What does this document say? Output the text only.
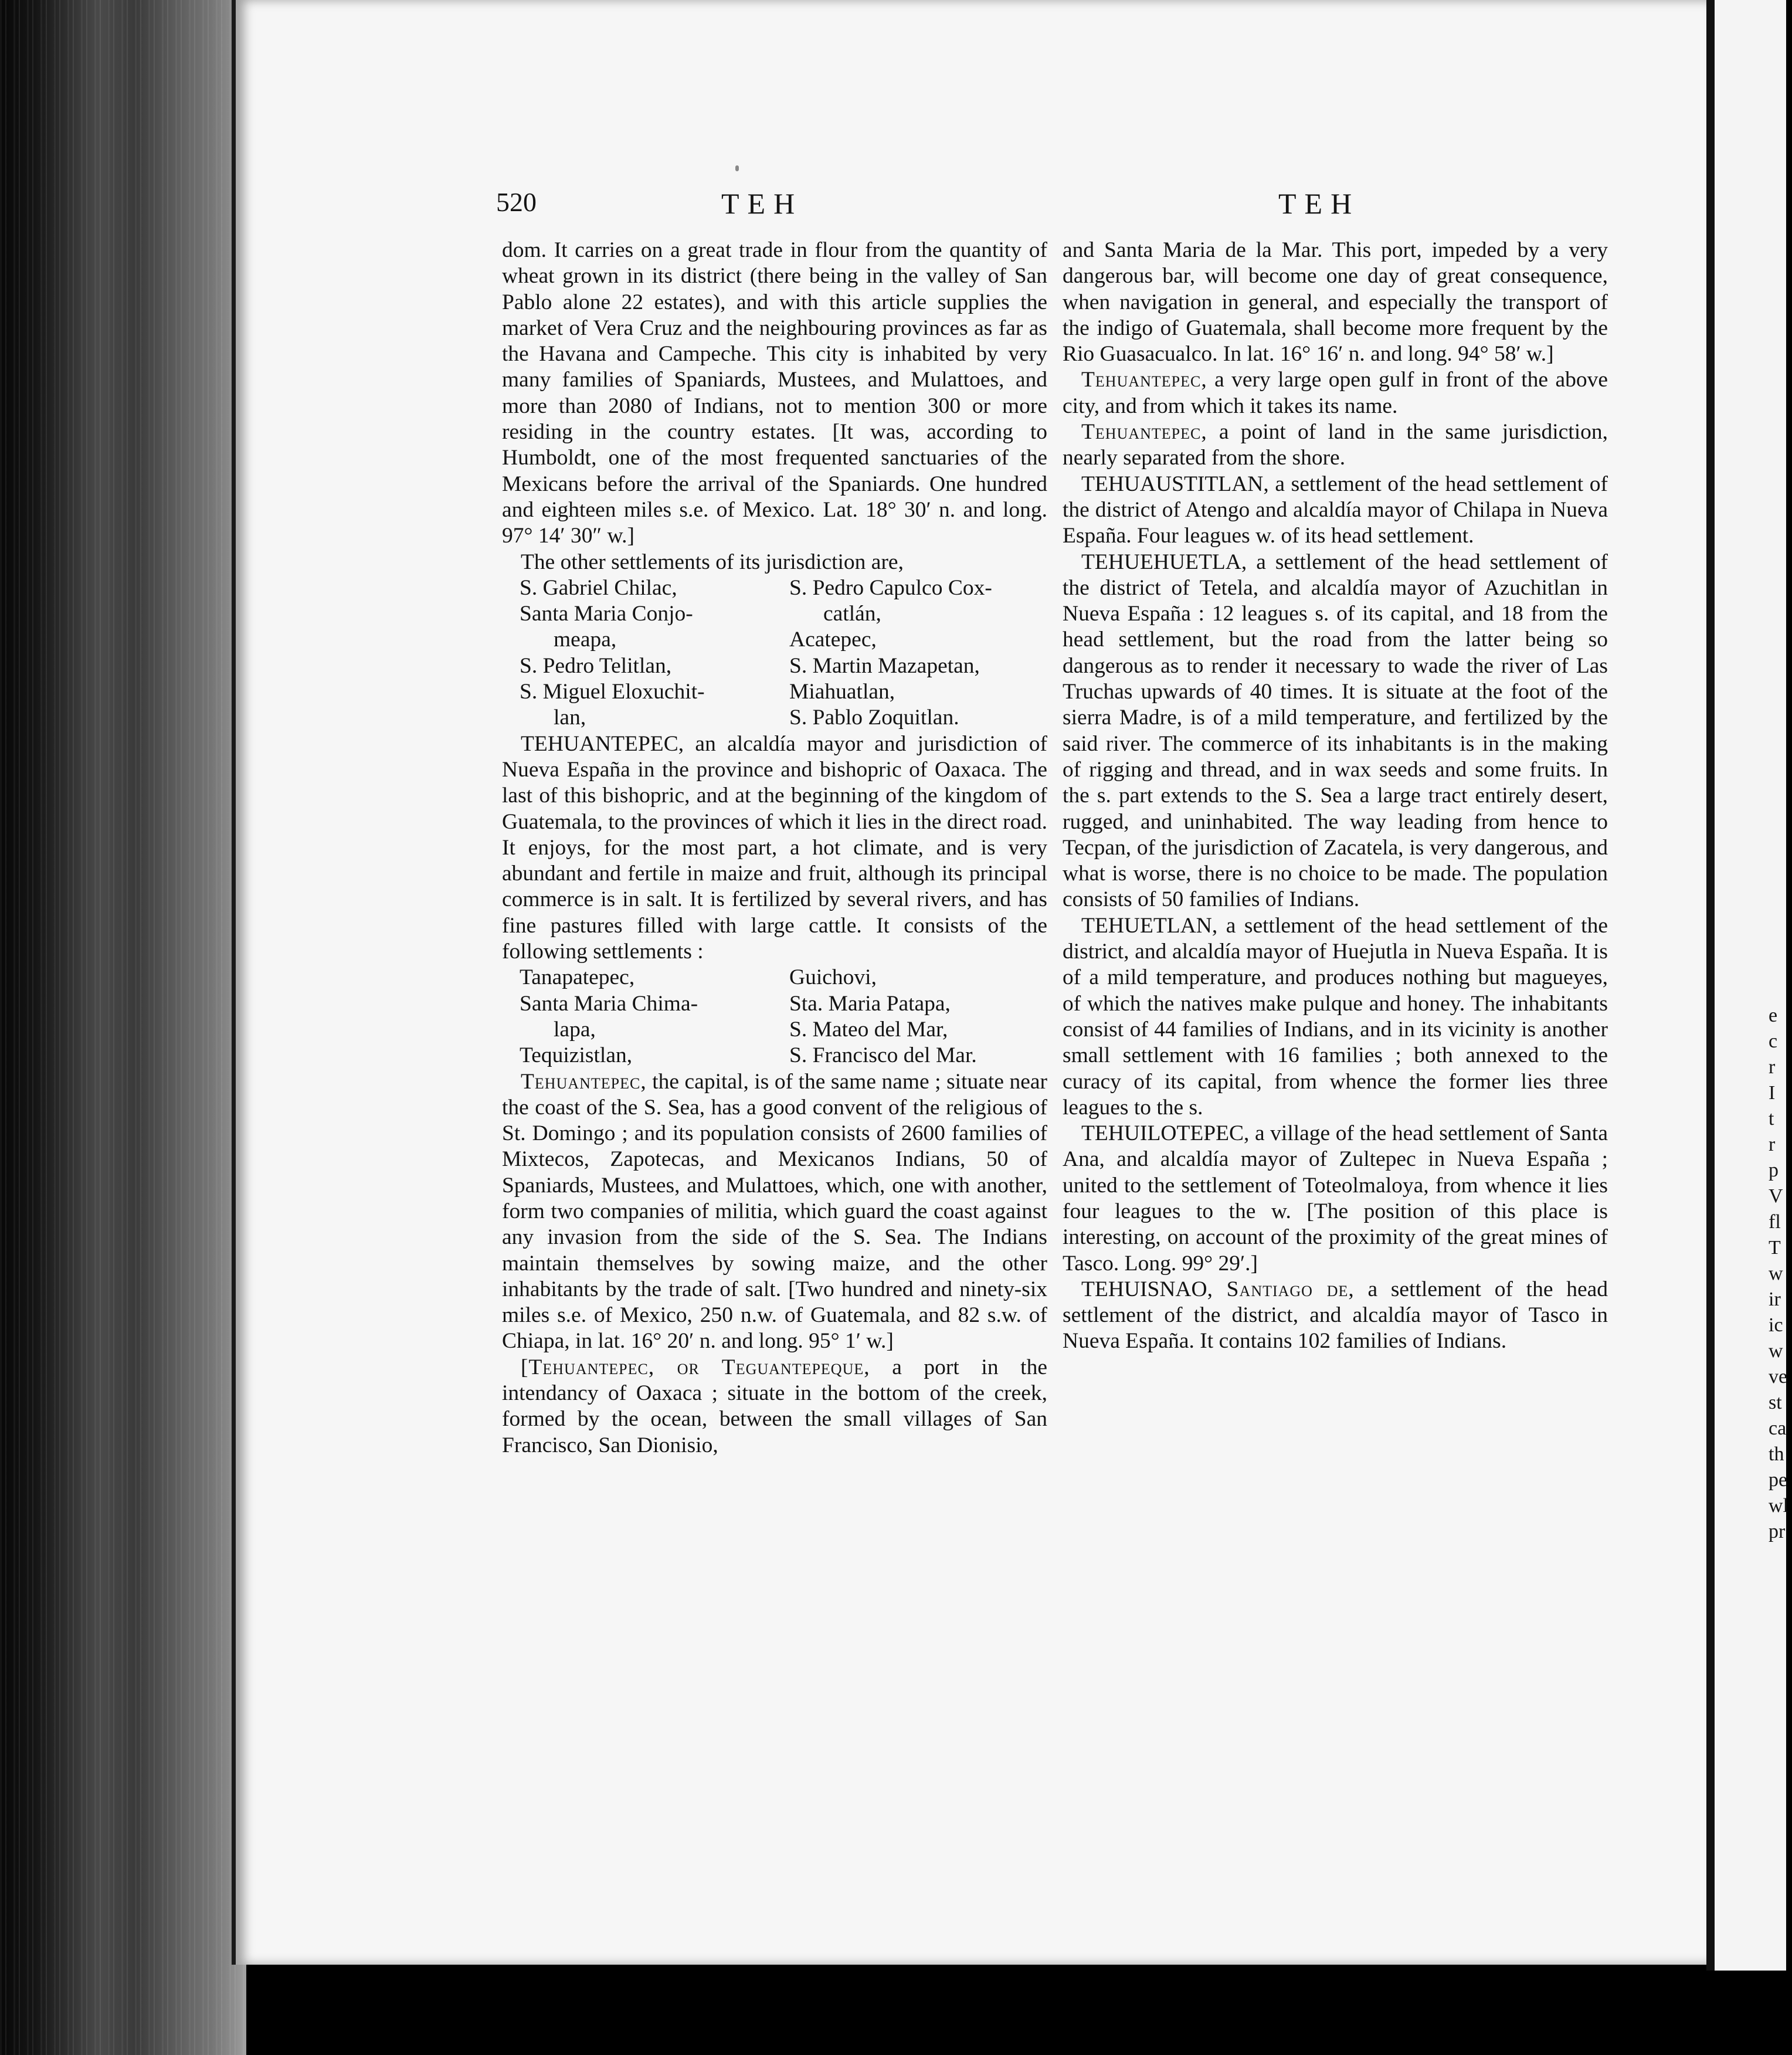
520	TEH	TEH

dom. It carries on a great trade in flour from the quantity of wheat grown in its district (there being in the valley of San Pablo alone 22 estates), and with this article supplies the market of Vera Cruz and the neighbouring provinces as far as the Havana and Campeche. This city is inhabited by very many families of Spaniards, Mustees, and Mulattoes, and more than 2080 of Indians, not to mention 300 or more residing in the country estates. [It was, according to Humboldt, one of the most frequented sanctuaries of the Mexicans before the arrival of the Spaniards. One hundred and eighteen miles s.e. of Mexico. Lat. 18° 30′ n. and long. 97° 14′ 30″ w.]

The other settlements of its jurisdiction are,

S. Gabriel Chilac,	S. Pedro Capulco Cox-
Santa Maria Conjo-	catlán,
meapa,	Acatepec,
S. Pedro Telitlan,	S. Martin Mazapetan,
S. Miguel Eloxuchit-	Miahuatlan,
lan,	S. Pablo Zoquitlan.

TEHUANTEPEC, an alcaldía mayor and jurisdiction of Nueva España in the province and bishopric of Oaxaca. The last of this bishopric, and at the beginning of the kingdom of Guatemala, to the provinces of which it lies in the direct road. It enjoys, for the most part, a hot climate, and is very abundant and fertile in maize and fruit, although its principal commerce is in salt. It is fertilized by several rivers, and has fine pastures filled with large cattle. It consists of the following settlements :

Tanapatepec,	Guichovi,
Santa Maria Chima-	Sta. Maria Patapa,
lapa,	S. Mateo del Mar,
Tequizistlan,	S. Francisco del Mar.

Tehuantepec, the capital, is of the same name ; situate near the coast of the S. Sea, has a good convent of the religious of St. Domingo ; and its population consists of 2600 families of Mixtecos, Zapotecas, and Mexicanos Indians, 50 of Spaniards, Mustees, and Mulattoes, which, one with another, form two companies of militia, which guard the coast against any invasion from the side of the S. Sea. The Indians maintain themselves by sowing maize, and the other inhabitants by the trade of salt. [Two hundred and ninety-six miles s.e. of Mexico, 250 n.w. of Guatemala, and 82 s.w. of Chiapa, in lat. 16° 20′ n. and long. 95° 1′ w.]

[Tehuantepec, or Teguantepeque, a port in the intendancy of Oaxaca ; situate in the bottom of the creek, formed by the ocean, between the small villages of San Francisco, San Dionisio,

and Santa Maria de la Mar. This port, impeded by a very dangerous bar, will become one day of great consequence, when navigation in general, and especially the transport of the indigo of Guatemala, shall become more frequent by the Rio Guasacualco. In lat. 16° 16′ n. and long. 94° 58′ w.]

Tehuantepec, a very large open gulf in front of the above city, and from which it takes its name.

Tehuantepec, a point of land in the same jurisdiction, nearly separated from the shore.

TEHUAUSTITLAN, a settlement of the head settlement of the district of Atengo and alcaldía mayor of Chilapa in Nueva España. Four leagues w. of its head settlement.

TEHUEHUETLA, a settlement of the head settlement of the district of Tetela, and alcaldía mayor of Azuchitlan in Nueva España : 12 leagues s. of its capital, and 18 from the head settlement, but the road from the latter being so dangerous as to render it necessary to wade the river of Las Truchas upwards of 40 times. It is situate at the foot of the sierra Madre, is of a mild temperature, and fertilized by the said river. The commerce of its inhabitants is in the making of rigging and thread, and in wax seeds and some fruits. In the s. part extends to the S. Sea a large tract entirely desert, rugged, and uninhabited. The way leading from hence to Tecpan, of the jurisdiction of Zacatela, is very dangerous, and what is worse, there is no choice to be made. The population consists of 50 families of Indians.

TEHUETLAN, a settlement of the head settlement of the district, and alcaldía mayor of Huejutla in Nueva España. It is of a mild temperature, and produces nothing but magueyes, of which the natives make pulque and honey. The inhabitants consist of 44 families of Indians, and in its vicinity is another small settlement with 16 families ; both annexed to the curacy of its capital, from whence the former lies three leagues to the s.

TEHUILOTEPEC, a village of the head settlement of Santa Ana, and alcaldía mayor of Zultepec in Nueva España ; united to the settlement of Toteolmaloya, from whence it lies four leagues to the w. [The position of this place is interesting, on account of the proximity of the great mines of Tasco. Long. 99° 29′.]

TEHUISNAO, Santiago de, a settlement of the head settlement of the district, and alcaldía mayor of Tasco in Nueva España. It contains 102 families of Indians.

e
c
r
I
t
r
p
V
fl
T
w
ir
ic
w
ve
st
ca
th
pe
wl
pr
